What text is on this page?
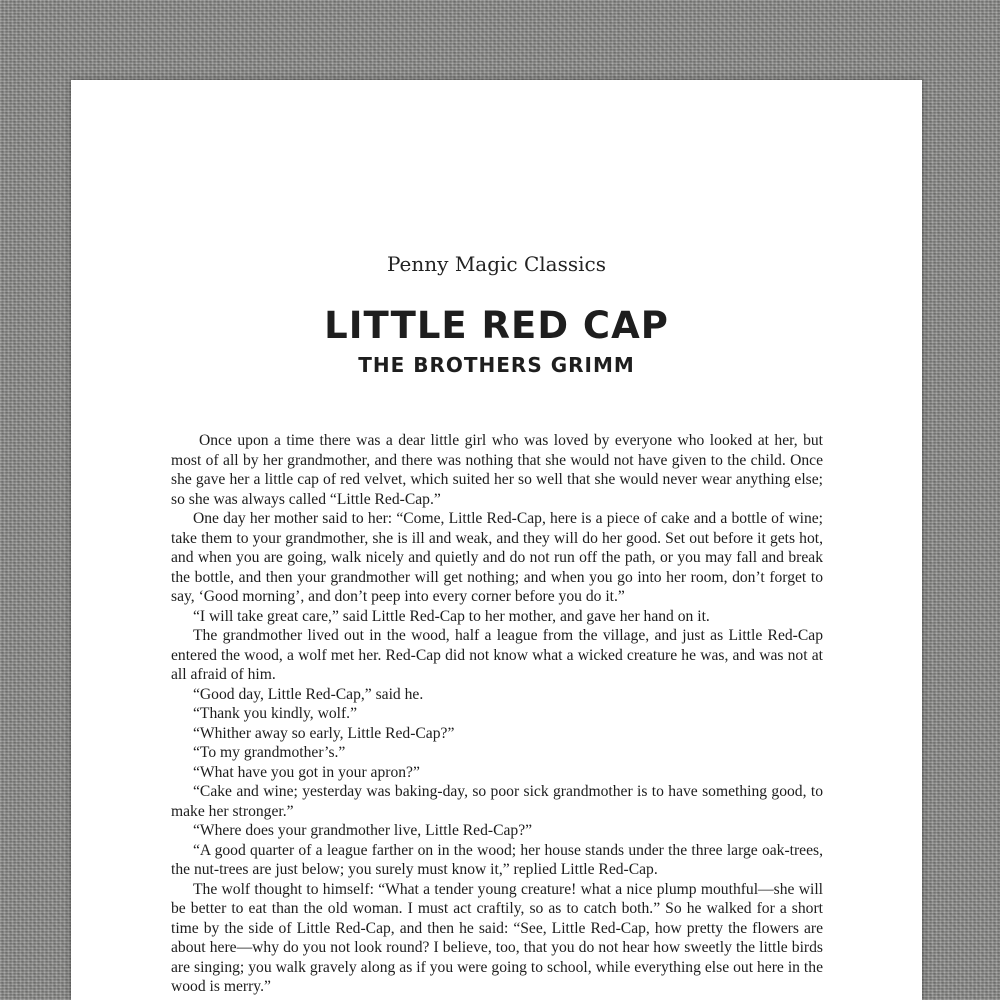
Penny Magic Classics
LITTLE RED CAP
THE BROTHERS GRIMM

Once upon a time there was a dear little girl who was loved by everyone who looked at her, but most of all by her grandmother, and there was nothing that she would not have given to the child. Once she gave her a little cap of red velvet, which suited her so well that she would never wear anything else; so she was always called “Little Red-Cap.”

One day her mother said to her: “Come, Little Red-Cap, here is a piece of cake and a bottle of wine; take them to your grandmother, she is ill and weak, and they will do her good. Set out before it gets hot, and when you are going, walk nicely and quietly and do not run off the path, or you may fall and break the bottle, and then your grandmother will get nothing; and when you go into her room, don’t forget to say, ‘Good morning’, and don’t peep into every corner before you do it.”

“I will take great care,” said Little Red-Cap to her mother, and gave her hand on it.

The grandmother lived out in the wood, half a league from the village, and just as Little Red-Cap entered the wood, a wolf met her. Red-Cap did not know what a wicked creature he was, and was not at all afraid of him.

“Good day, Little Red-Cap,” said he.

“Thank you kindly, wolf.”

“Whither away so early, Little Red-Cap?”

“To my grandmother’s.”

“What have you got in your apron?”

“Cake and wine; yesterday was baking-day, so poor sick grandmother is to have something good, to make her stronger.”

“Where does your grandmother live, Little Red-Cap?”

“A good quarter of a league farther on in the wood; her house stands under the three large oak-trees, the nut-trees are just below; you surely must know it,” replied Little Red-Cap.

The wolf thought to himself: “What a tender young creature! what a nice plump mouthful—she will be better to eat than the old woman. I must act craftily, so as to catch both.” So he walked for a short time by the side of Little Red-Cap, and then he said: “See, Little Red-Cap, how pretty the flowers are about here—why do you not look round? I believe, too, that you do not hear how sweetly the little birds are singing; you walk gravely along as if you were going to school, while everything else out here in the wood is merry.”
